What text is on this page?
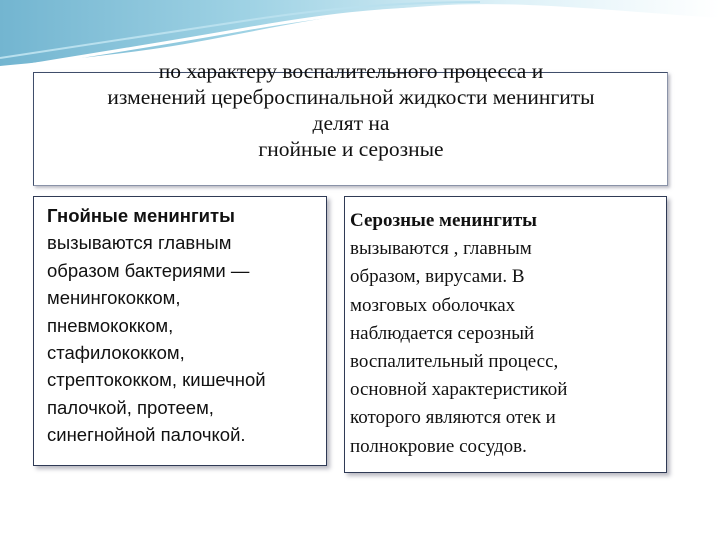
по характеру воспалительного процесса и
изменений цереброспинальной жидкости менингиты
делят на
гнойные и серозные
Гнойные менингиты
вызываются главным
образом бактериями —
менингококком,
пневмококком,
стафилококком,
стрептококком, кишечной
палочкой, протеем,
синегнойной палочкой.
Серозные менингиты
вызываются , главным
образом, вирусами. В
мозговых оболочках
наблюдается серозный
воспалительный процесс,
основной характеристикой
которого являются отек и
полнокровие сосудов.
